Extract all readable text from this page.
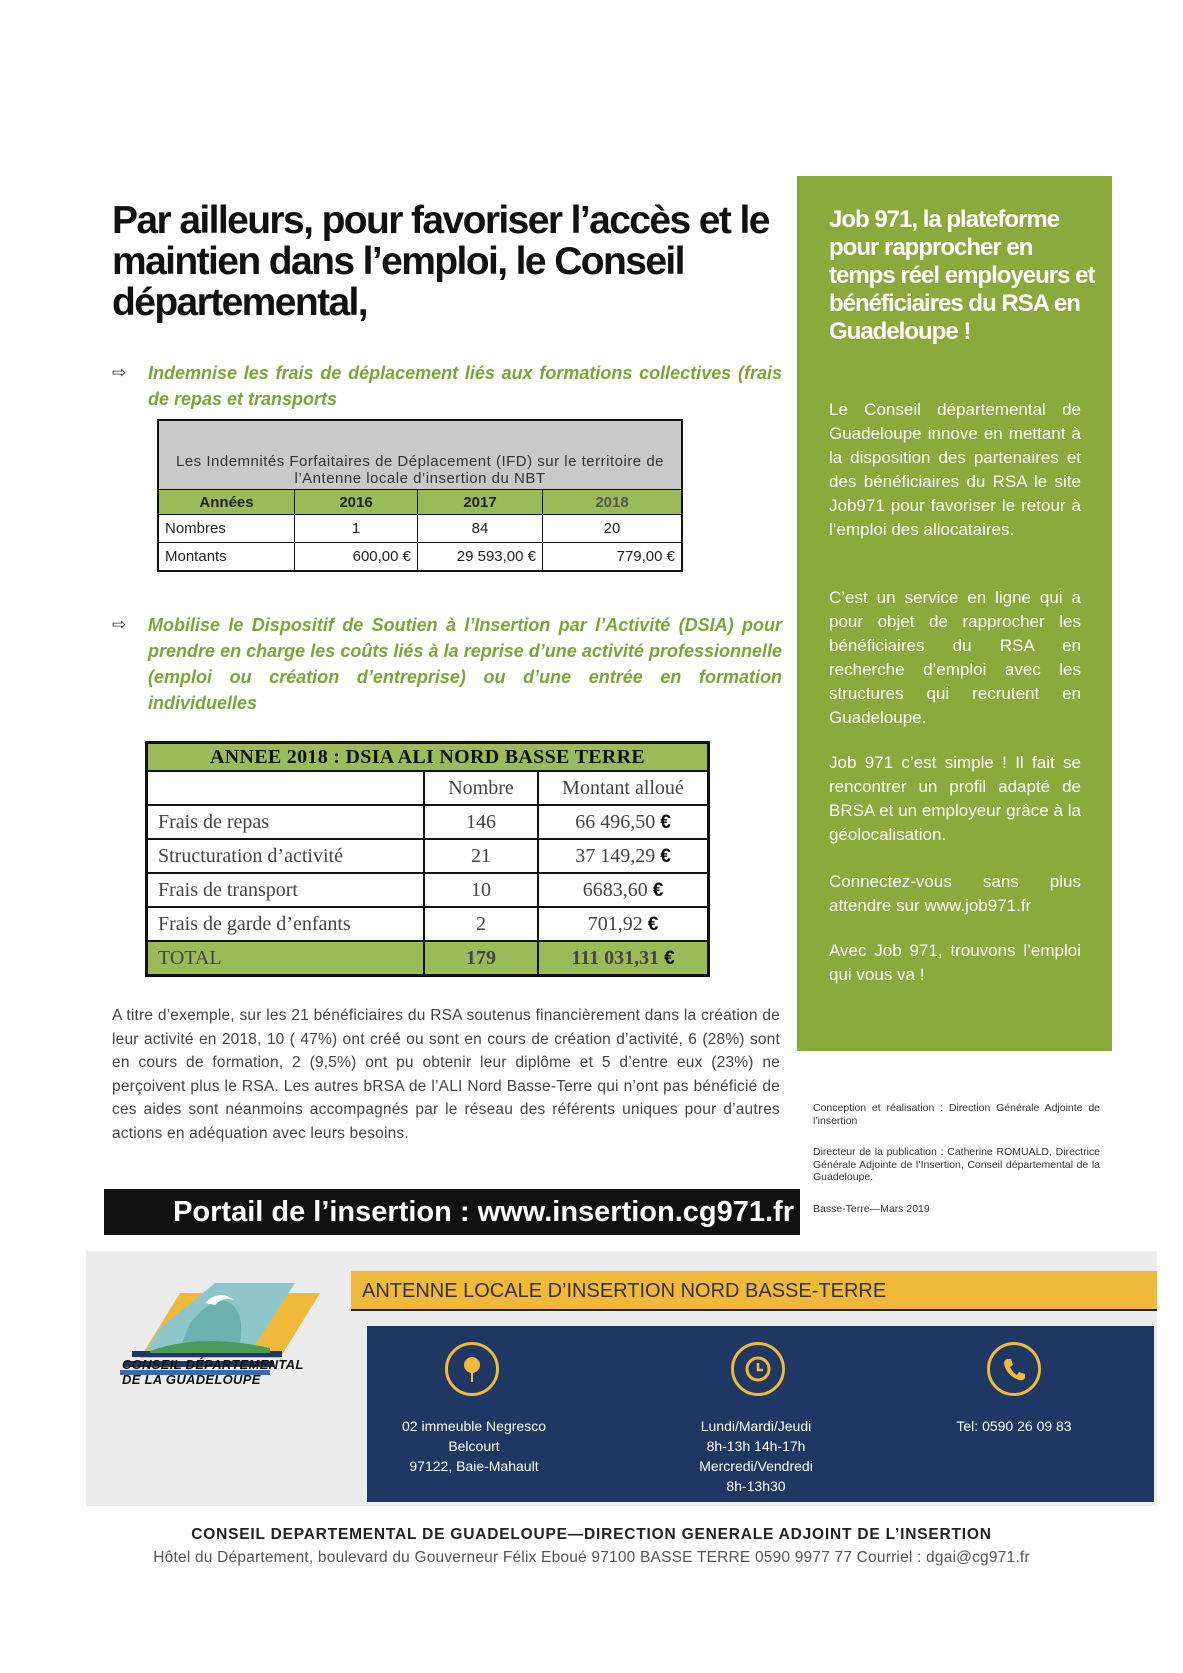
Par ailleurs, pour favoriser l’accès et le maintien dans l’emploi, le Conseil départemental,
⇨ Indemnise les frais de déplacement liés aux formations collectives (frais de repas et transports
Les Indemnités Forfaitaires de Déplacement (IFD) sur le territoire de l’Antenne locale d’insertion du NBT			
Années	2016	2017	2018
Nombres	1	84	20
Montants	600,00 €	29 593,00 €	779,00 €
⇨ Mobilise le Dispositif de Soutien à l’Insertion par l’Activité (DSIA) pour prendre en charge les coûts liés à la reprise d’une activité professionnelle (emploi ou création d’entreprise) ou d’une entrée en formation individuelles
ANNEE 2018 : DSIA ALI NORD BASSE TERRE		
	Nombre	Montant alloué
Frais de repas	146	66 496,50 €
Structuration d’activité	21	37 149,29 €
Frais de transport	10	6683,60 €
Frais de garde d’enfants	2	701,92 €
TOTAL	179	111 031,31 €
A titre d’exemple, sur les 21 bénéficiaires du RSA soutenus financièrement dans la création de leur activité en 2018, 10 ( 47%) ont créé ou sont en cours de création d’activité, 6 (28%) sont en cours de formation, 2 (9,5%) ont pu obtenir leur diplôme et 5 d’entre eux (23%) ne perçoivent plus le RSA. Les autres bRSA de l’ALI Nord Basse-Terre qui n’ont pas bénéficié de ces aides sont néanmoins accompagnés par le réseau des référents uniques pour d’autres actions en adéquation avec leurs besoins.
Portail de l’insertion : www.insertion.cg971.fr
Job 971, la plateforme pour rapprocher en temps réel employeurs et bénéficiaires du RSA en Guadeloupe !
Le Conseil départemental de Guadeloupe innove en mettant à la disposition des partenaires et des bénéficiaires du RSA le site Job971 pour favoriser le retour à l’emploi des allocataires.
C’est un service en ligne qui a pour objet de rapprocher les bénéficiaires du RSA en recherche d’emploi avec les structures qui recrutent en Guadeloupe.
Job 971 c’est simple ! Il fait se rencontrer un profil adapté de BRSA et un employeur grâce à la géolocalisation.
Connectez-vous sans plus attendre sur www.job971.fr
Avec Job 971, trouvons l’emploi qui vous va !
Conception et réalisation : Direction Générale Adjointe de l’insertion
Directeur de la publication : Catherine ROMUALD, Directrice Générale Adjointe de l’Insertion, Conseil départemental de la Guadeloupe.
Basse-Terre—Mars 2019
CONSEIL DÉPARTEMENTAL
DE LA GUADELOUPE
ANTENNE LOCALE D’INSERTION NORD BASSE-TERRE
02 immeuble Negresco
Belcourt
97122, Baie-Mahault
Lundi/Mardi/Jeudi
8h-13h 14h-17h
Mercredi/Vendredi
8h-13h30
Tel: 0590 26 09 83
CONSEIL DEPARTEMENTAL DE GUADELOUPE—DIRECTION GENERALE ADJOINT DE L’INSERTION
Hôtel du Département, boulevard du Gouverneur Félix Eboué 97100 BASSE TERRE 0590 9977 77 Courriel : dgai@cg971.fr
